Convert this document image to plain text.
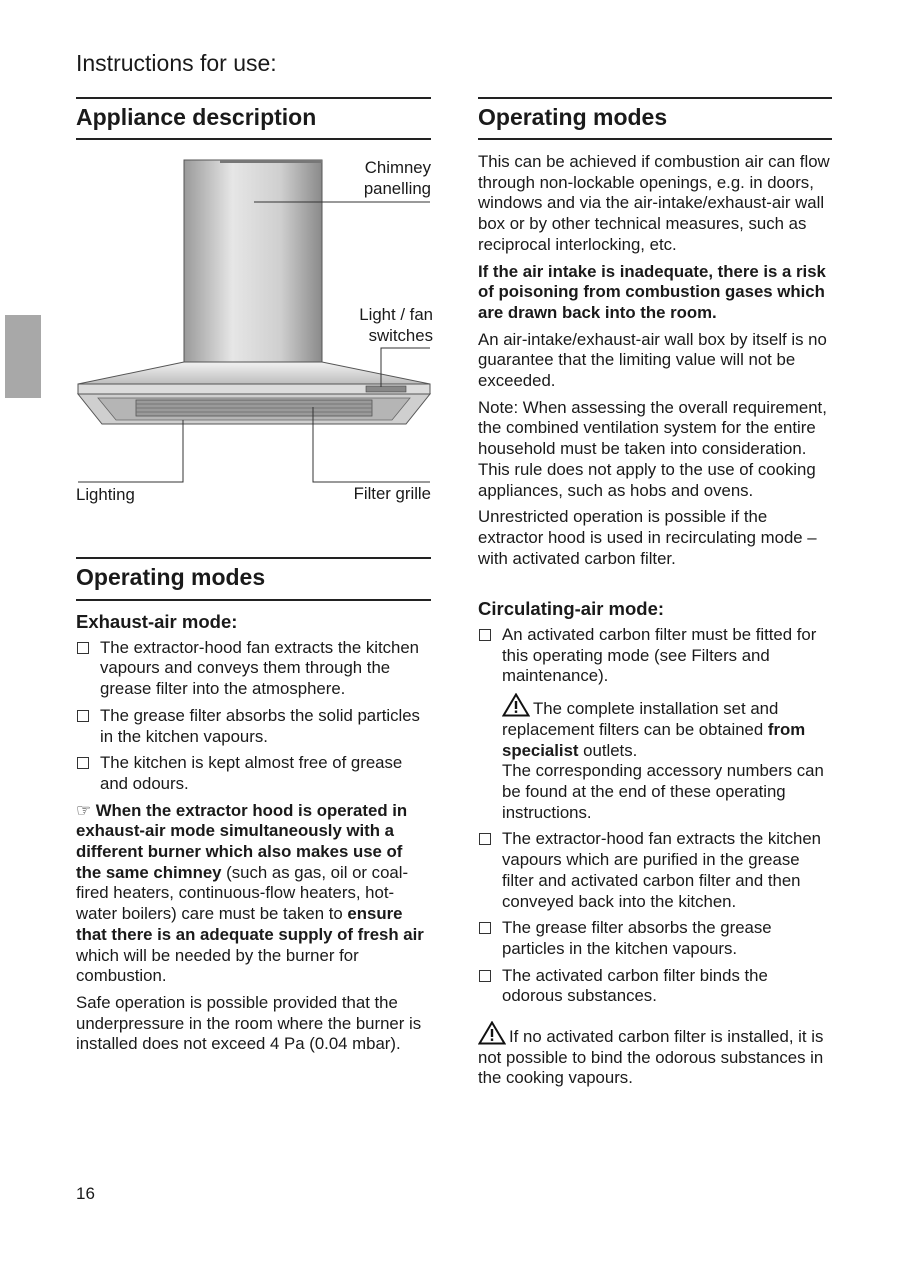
Instructions for use:
Appliance description
Chimney
panelling
Light / fan
switches
Lighting	Filter grille
Operating modes
Exhaust-air mode:
The extractor-hood fan extracts the kitchen vapours and conveys them through the grease filter into the atmosphere.
The grease filter absorbs the solid particles in the kitchen vapours.
The kitchen is kept almost free of grease and odours.

☞ When the extractor hood is operated in exhaust-air mode simultaneously with a different burner which also makes use of the same chimney (such as gas, oil or coal-fired heaters, continuous-flow heaters, hot-water boilers) care must be taken to ensure that there is an adequate supply of fresh air which will be needed by the burner for combustion.

Safe operation is possible provided that the underpressure in the room where the burner is installed does not exceed 4 Pa (0.04 mbar).

Operating modes

This can be achieved if combustion air can flow through non-lockable openings, e.g. in doors, windows and via the air-intake/exhaust-air wall box or by other technical measures, such as reciprocal interlocking, etc.

If the air intake is inadequate, there is a risk of poisoning from combustion gases which are drawn back into the room.

An air-intake/exhaust-air wall box by itself is no guarantee that the limiting value will not be exceeded.

Note: When assessing the overall requirement, the combined ventilation system for the entire household must be taken into consideration. This rule does not apply to the use of cooking appliances, such as hobs and ovens.

Unrestricted operation is possible if the extractor hood is used in recirculating mode – with activated carbon filter.

Circulating-air mode:
An activated carbon filter must be fitted for this operating mode (see Filters and maintenance).
The complete installation set and replacement filters can be obtained from specialist outlets.
The corresponding accessory numbers can be found at the end of these operating instructions.
The extractor-hood fan extracts the kitchen vapours which are purified in the grease filter and activated carbon filter and then conveyed back into the kitchen.
The grease filter absorbs the grease particles in the kitchen vapours.
The activated carbon filter binds the odorous substances.

If no activated carbon filter is installed, it is not possible to bind the odorous substances in the cooking vapours.

16
